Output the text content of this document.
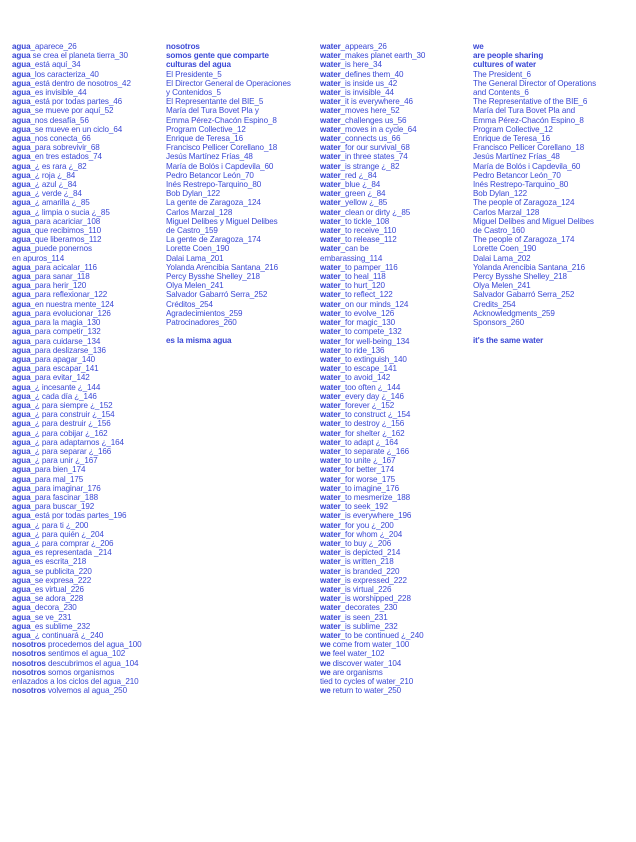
agua_aparece_26
agua se crea el planeta tierra_30
agua_está aquí_34
agua_los caracteriza_40
agua_está dentro de nosotros_42
agua_es invisible_44
agua_está por todas partes_46
agua_se mueve por aquí_52
agua_nos desafía_56
agua_se mueve en un ciclo_64
agua_nos conecta_66
agua_para sobrevivir_68
agua_en tres estados_74
agua_¿ es rara ¿_82
agua_¿ roja ¿_84
agua_¿ azul ¿_84
agua_¿ verde ¿_84
agua_¿ amarilla ¿_85
agua_¿ limpia o sucia ¿_85
agua_para acariciar_108
agua_que recibimos_110
agua_que liberamos_112
agua_puede ponernos
en apuros_114
agua_para acicalar_116
agua_para sanar_118
agua_para herir_120
agua_para reflexionar_122
agua_en nuestra mente_124
agua_para evolucionar_126
agua_para la magia_130
agua_para competir_132
agua_para cuidarse_134
agua_para deslizarse_136
agua_para apagar_140
agua_para escapar_141
agua_para evitar_142
agua_¿ incesante ¿_144
agua_¿ cada día ¿_146
agua_¿ para siempre ¿_152
agua_¿ para construir ¿_154
agua_¿ para destruir ¿_156
agua_¿ para cobijar ¿_162
agua_¿ para adaptarnos ¿_164
agua_¿ para separar ¿_166
agua_¿ para unir ¿_167
agua_para bien_174
agua_para mal_175
agua_para imaginar_176
agua_para fascinar_188
agua_para buscar_192
agua_está por todas partes_196
agua_¿ para ti ¿_200
agua_¿ para quién ¿_204
agua_¿ para comprar ¿_206
agua_es representada _214
agua_es escrita_218
agua_se publicita_220
agua_se expresa_222
agua_es virtual_226
agua_se adora_228
agua_decora_230
agua_se ve_231
agua_es sublime_232
agua_¿ continuará ¿_240
nosotros procedemos del agua_100
nosotros sentimos el agua_102
nosotros descubrimos el agua_104
nosotros somos organismos
enlazados a los ciclos del agua_210
nosotros volvemos al agua_250
nosotros
somos gente que comparte
culturas del agua
El Presidente_5
El Director General de Operaciones
y Contenidos_5
El Representante del BIE_5
María del Tura Bovet Pla y
Emma Pérez-Chacón Espino_8
Program Collective_12
Enrique de Teresa_16
Francisco Pellicer Corellano_18
Jesús Martínez Frías_48
María de Bolós i Capdevila_60
Pedro Betancor León_70
Inés Restrepo-Tarquino_80
Bob Dylan_122
La gente de Zaragoza_124
Carlos Marzal_128
Miguel Delibes y Miguel Delibes
de Castro_159
La gente de Zaragoza_174
Lorette Coen_190
Dalai Lama_201
Yolanda Arencibia Santana_216
Percy Bysshe Shelley_218
Olya Melen_241
Salvador Gabarró Serra_252
Créditos_254
Agradecimientos_259
Patrocinadores_260
es la misma agua
water_appears_26
water_makes planet earth_30
water_is here_34
water_defines them_40
water_is inside us_42
water_is invisible_44
water_it is everywhere_46
water_moves here_52
water_challenges us_56
water_moves in a cycle_64
water_connects us_66
water_for our survival_68
water_in three states_74
water_is strange ¿_82
water_red ¿_84
water_blue ¿_84
water_green ¿_84
water_yellow ¿_85
water_clean or dirty ¿_85
water_to tickle_108
water_to receive_110
water_to release_112
water_can be
embarassing_114
water_to pamper_116
water_to heal_118
water_to hurt_120
water_to reflect_122
water_on our minds_124
water_to evolve_126
water_for magic_130
water_to compete_132
water_for well-being_134
water_to ride_136
water_to extinguish_140
water_to escape_141
water_to avoid_142
water_too often ¿_144
water_every day ¿_146
water_forever ¿_152
water_to construct ¿_154
water_to destroy ¿_156
water_for shelter ¿_162
water_to adapt ¿_164
water_to separate ¿_166
water_to unite ¿_167
water_for better_174
water_for worse_175
water_to imagine_176
water_to mesmerize_188
water_to seek_192
water_is everywhere_196
water_for you ¿_200
water_for whom ¿_204
water_to buy ¿_206
water_is depicted_214
water_is written_218
water_is branded_220
water_is expressed_222
water_is virtual_226
water_is worshipped_228
water_decorates_230
water_is seen_231
water_is sublime_232
water_to be continued ¿_240
we come from water_100
we feel water_102
we discover water_104
we are organisms
tied to cycles of water_210
we return to water_250
we
are people sharing
cultures of water
The President_6
The General Director of Operations
and Contents_6
The Representative of the BIE_6
María del Tura Bovet Pla and
Emma Pérez-Chacón Espino_8
Program Collective_12
Enrique de Teresa_16
Francisco Pellicer Corellano_18
Jesús Martínez Frías_48
María de Bolós i Capdevila_60
Pedro Betancor León_70
Inés Restrepo-Tarquino_80
Bob Dylan_122
The people of Zaragoza_124
Carlos Marzal_128
Miguel Delibes and Miguel Delibes
de Castro_160
The people of Zaragoza_174
Lorette Coen_190
Dalai Lama_202
Yolanda Arencibia Santana_216
Percy Bysshe Shelley_218
Olya Melen_241
Salvador Gabarró Serra_252
Credits_254
Acknowledgments_259
Sponsors_260
it's the same water
